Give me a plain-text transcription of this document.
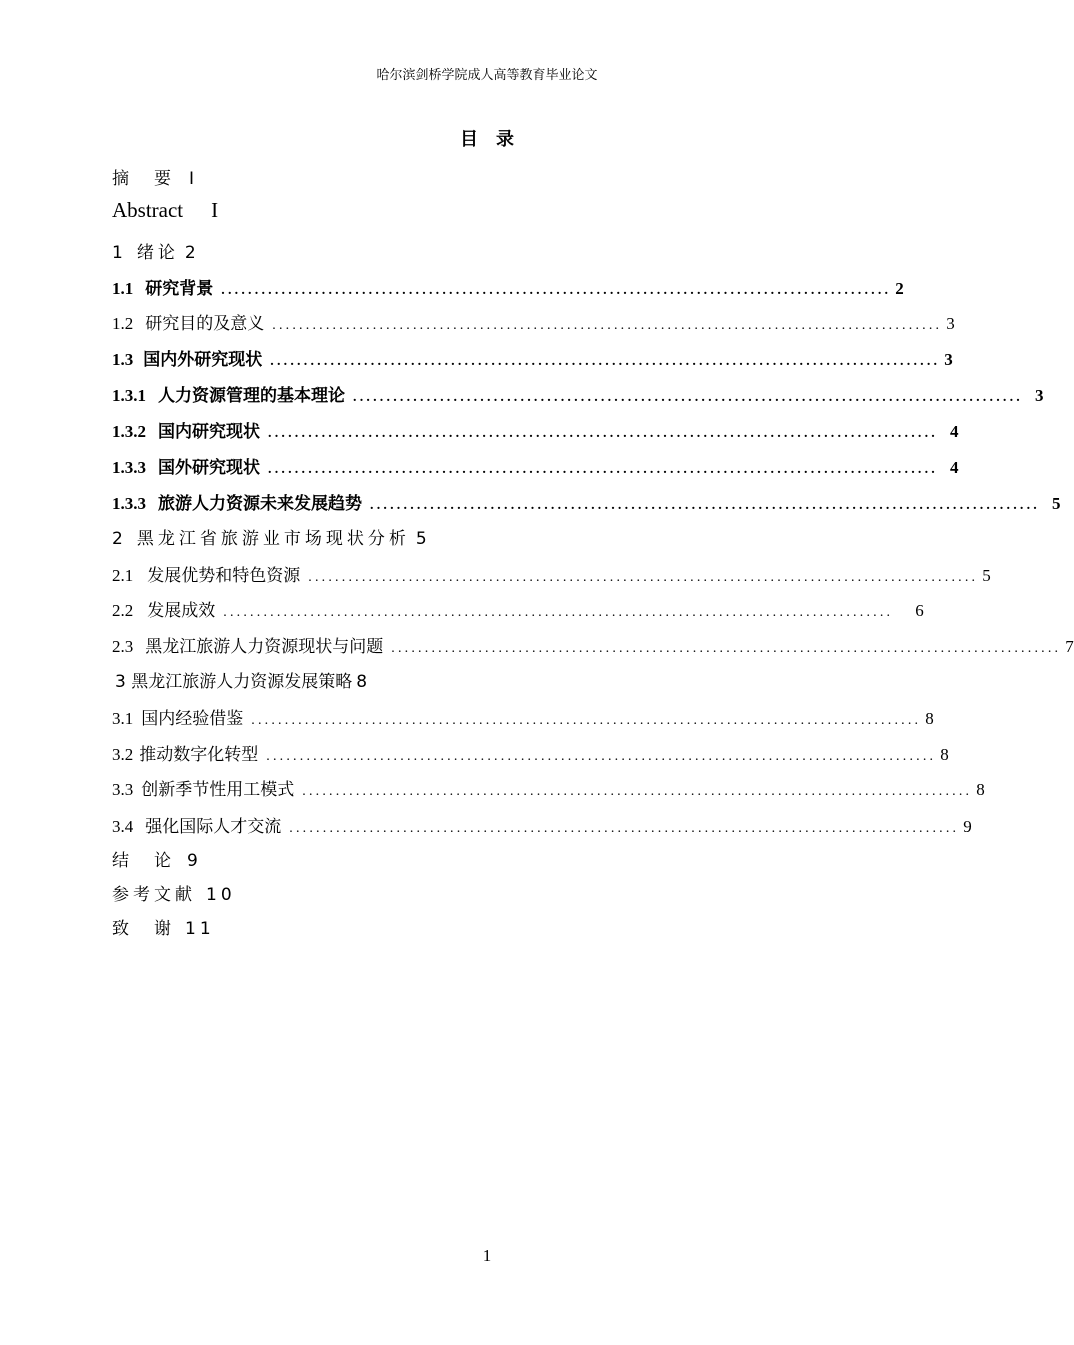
哈尔滨剑桥学院成人高等教育毕业论文
目　录
摘　要 I
Abstract I
1 绪论 2
1.1 研究背景 .................................................................................................... 2
1.2 研究目的及意义 .................................................................................................... 3
1.3 国内外研究现状 .................................................................................................... 3
1.3.1 人力资源管理的基本理论 .................................................................................................... 3
1.3.2 国内研究现状 .................................................................................................... 4
1.3.3 国外研究现状 .................................................................................................... 4
1.3.3 旅游人力资源未来发展趋势 .................................................................................................... 5
2 黑龙江省旅游业市场现状分析 5
2.1 发展优势和特色资源 .................................................................................................... 5
2.2 发展成效 .................................................................................................... 6
2.3 黑龙江旅游人力资源现状与问题 .................................................................................................... 7
3 黑龙江旅游人力资源发展策略 8
3.1 国内经验借鉴 .................................................................................................... 8
3.2 推动数字化转型 .................................................................................................... 8
3.3 创新季节性用工模式 .................................................................................................... 8
3.4 强化国际人才交流 .................................................................................................... 9
结　论 9
参考文献 10
致　谢 11
1
